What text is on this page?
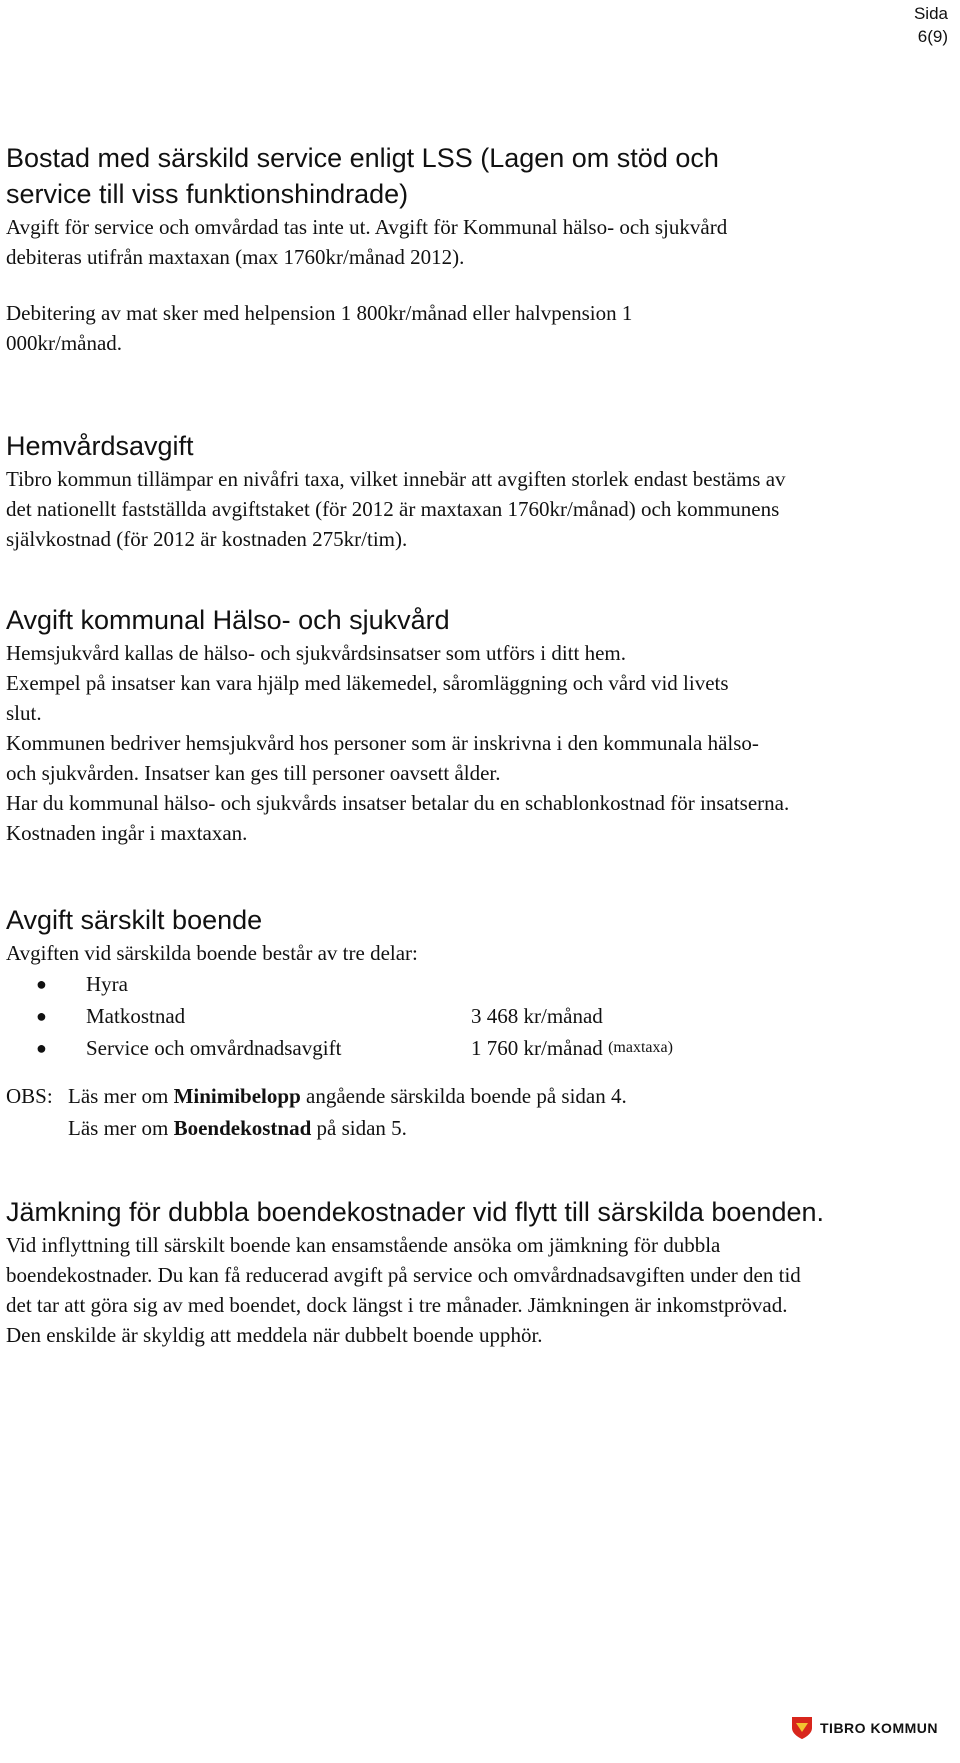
Sida
6(9)
Bostad med särskild service enligt LSS (Lagen om stöd och service till viss funktionshindrade)

Avgift för service och omvårdad tas inte ut. Avgift för Kommunal hälso- och sjukvård debiteras utifrån maxtaxan (max 1760kr/månad 2012).

Debitering av mat sker med helpension 1 800kr/månad eller halvpension 1 000kr/månad.

Hemvårdsavgift

Tibro kommun tillämpar en nivåfri taxa, vilket innebär att avgiften storlek endast bestäms av det nationellt fastställda avgiftstaket (för 2012 är maxtaxan 1760kr/månad) och kommunens självkostnad (för 2012 är kostnaden 275kr/tim).

Avgift kommunal Hälso- och sjukvård

Hemsjukvård kallas de hälso- och sjukvårdsinsatser som utförs i ditt hem.

Exempel på insatser kan vara hjälp med läkemedel, såromläggning och vård vid livets slut.

Kommunen bedriver hemsjukvård hos personer som är inskrivna i den kommunala hälso- och sjukvården. Insatser kan ges till personer oavsett ålder.

Har du kommunal hälso- och sjukvårds insatser betalar du en schablonkostnad för insatserna. Kostnaden ingår i maxtaxan.

Avgift särskilt boende

Avgiften vid särskilda boende består av tre delar:

●	Hyra
●	Matkostnad	3 468 kr/månad
●	Service och omvårdnadsavgift	1 760 kr/månad
(maxtaxa)
OBS: Läs mer om Minimibelopp angående särskilda boende på sidan 4.
Läs mer om Boendekostnad på sidan 5.
Jämkning för dubbla boendekostnader vid flytt till särskilda boenden.

Vid inflyttning till särskilt boende kan ensamstående ansöka om jämkning för dubbla boendekostnader. Du kan få reducerad avgift på service och omvårdnadsavgiften under den tid det tar att göra sig av med boendet, dock längst i tre månader. Jämkningen är inkomstprövad. Den enskilde är skyldig att meddela när dubbelt boende upphör.

TIBRO KOMMUN
